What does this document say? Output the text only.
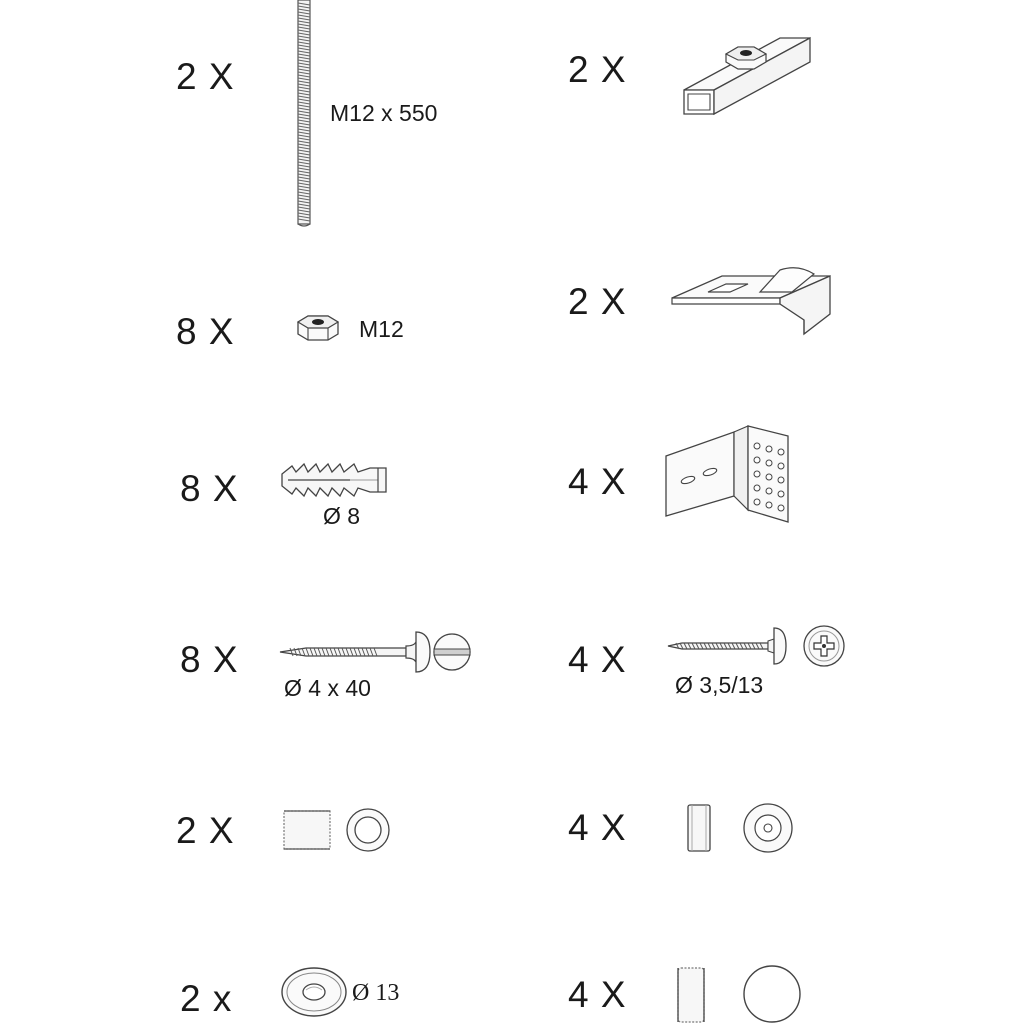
2 X
M12 x 550
8 X	M12
8 X
Ø 8
8 X
Ø 4 x 40
2 X
2 x	Ø 13
2 X
2 X
4 X
4 X
Ø 3,5/13
4 X
4 X
